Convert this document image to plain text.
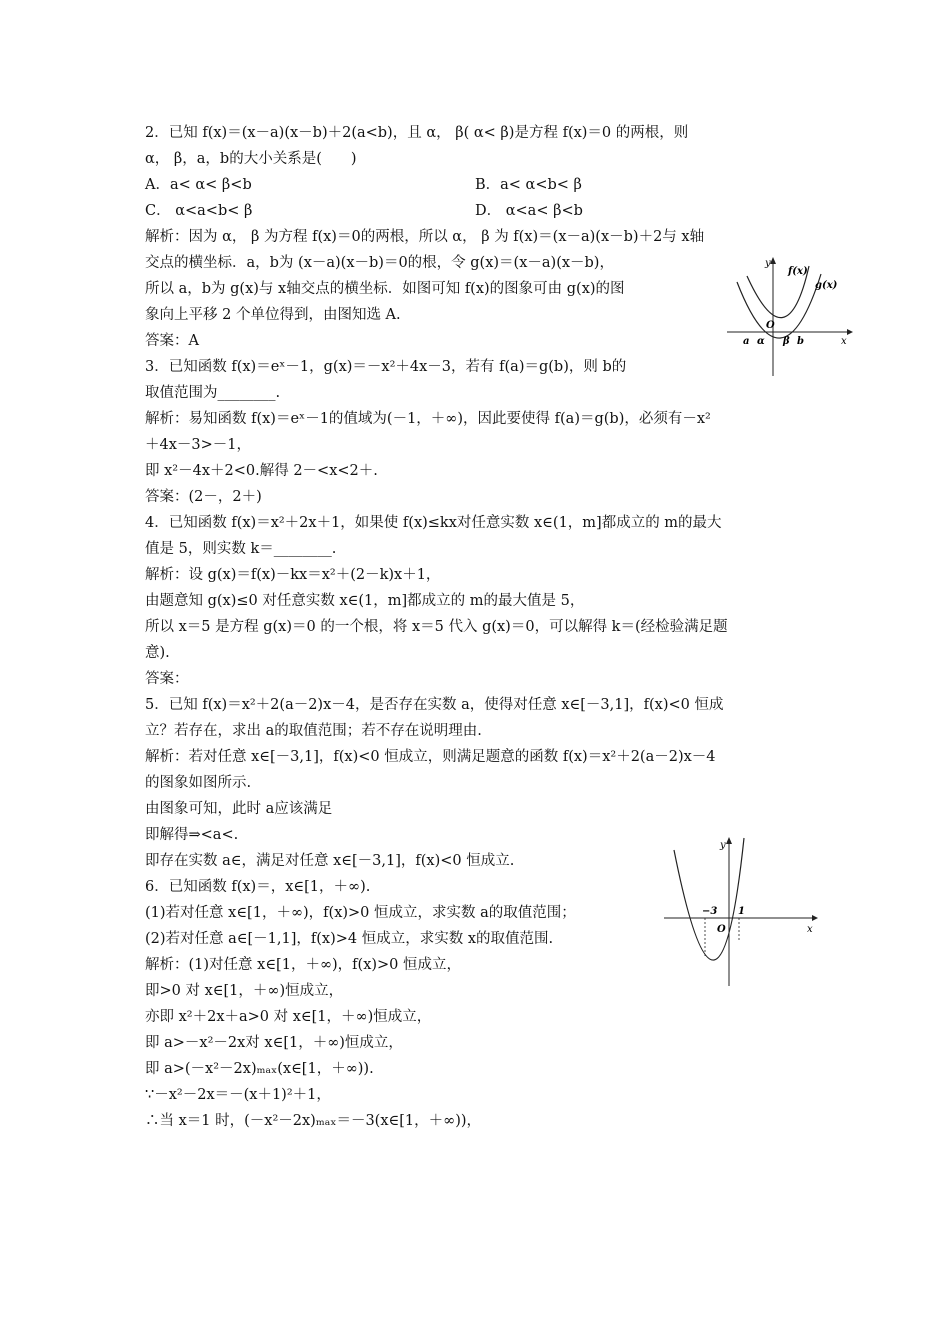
2．已知 f(x)＝(x－a)(x－b)＋2(a<b)，且 α， β( α< β)是方程 f(x)＝0 的两根，则
α， β，a，b的大小关系是(　　)
A．a< α< β<b	B．a< α<b< β
C． α<a<b< β	D． α<a< β<b
解析：因为 α， β 为方程 f(x)＝0的两根，所以 α， β 为 f(x)＝(x－a)(x－b)＋2与 x轴
交点的横坐标．a，b为 (x－a)(x－b)＝0的根，令 g(x)＝(x－a)(x－b)，
所以 a，b为 g(x)与 x轴交点的横坐标．如图可知 f(x)的图象可由 g(x)的图
象向上平移 2 个单位得到，由图知选 A.
答案：A
3．已知函数 f(x)＝eˣ－1，g(x)＝－x²＋4x－3，若有 f(a)＝g(b)，则 b的
取值范围为________.
解析：易知函数 f(x)＝eˣ－1的值域为(－1，＋∞)，因此要使得 f(a)＝g(b)，必须有－x²
＋4x－3>－1，
即 x²－4x＋2<0.解得 2－<x<2＋.
答案：(2－，2＋)
4．已知函数 f(x)＝x²＋2x＋1，如果使 f(x)≤kx对任意实数 x∈(1，m]都成立的 m的最大
值是 5，则实数 k＝________.
解析：设 g(x)＝f(x)－kx＝x²＋(2－k)x＋1，
由题意知 g(x)≤0 对任意实数 x∈(1，m]都成立的 m的最大值是 5，
所以 x＝5 是方程 g(x)＝0 的一个根，将 x＝5 代入 g(x)＝0，可以解得 k＝(经检验满足题
意).
答案：
5．已知 f(x)＝x²＋2(a－2)x－4，是否存在实数 a，使得对任意 x∈[－3,1]，f(x)<0 恒成
立？若存在，求出 a的取值范围；若不存在说明理由.
解析：若对任意 x∈[－3,1]，f(x)<0 恒成立，则满足题意的函数 f(x)＝x²＋2(a－2)x－4
的图象如图所示.
由图象可知，此时 a应该满足
即解得⇒<a<.
即存在实数 a∈，满足对任意 x∈[－3,1]，f(x)<0 恒成立.
6．已知函数 f(x)＝，x∈[1，＋∞).
(1)若对任意 x∈[1，＋∞)，f(x)>0 恒成立，求实数 a的取值范围；
(2)若对任意 a∈[－1,1]，f(x)>4 恒成立，求实数 x的取值范围.
解析：(1)对任意 x∈[1，＋∞)，f(x)>0 恒成立，
即>0 对 x∈[1，＋∞)恒成立，
亦即 x²＋2x＋a>0 对 x∈[1，＋∞)恒成立，
即 a>－x²－2x对 x∈[1，＋∞)恒成立，
即 a>(－x²－2x)ₘₐₓ(x∈[1，＋∞)).
∵－x²－2x＝－(x＋1)²＋1，
∴当 x＝1 时，(－x²－2x)ₘₐₓ＝－3(x∈[1，＋∞))，
y
f(x)
g(x)
O
x
a α β b
y
−3 1
O	x
